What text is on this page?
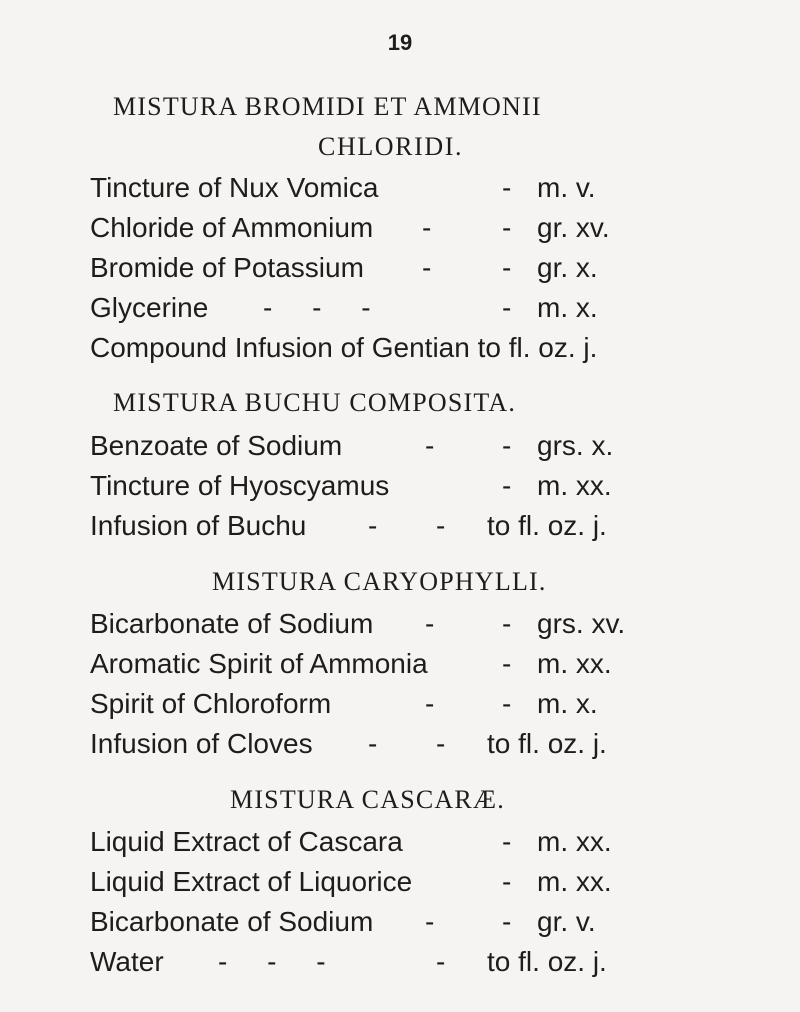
19
MISTURA BROMIDI ET AMMONII
CHLORIDI.
Tincture of Nux Vomica	- m. v.
Chloride of Ammonium -	- gr. xv.
Bromide of Potassium -	- gr. x.
Glycerine - - -	- m. x.
Compound Infusion of Gentian to fl. oz. j.
MISTURA BUCHU COMPOSITA.
Benzoate of Sodium	- - grs. x.
Tincture of Hyoscyamus	- m. xx.
Infusion of Buchu - - to fl. oz. j.
MISTURA CARYOPHYLLI.
Bicarbonate of Sodium - - grs. xv.
Aromatic Spirit of Ammonia	- m. xx.
Spirit of Chloroform	- - m. x.
Infusion of Cloves - - to fl. oz. j.
MISTURA CASCARÆ.
Liquid Extract of Cascara	- m. xx.
Liquid Extract of Liquorice	- m. xx.
Bicarbonate of Sodium - - gr. v.
Water - - -	- to fl. oz. j.
